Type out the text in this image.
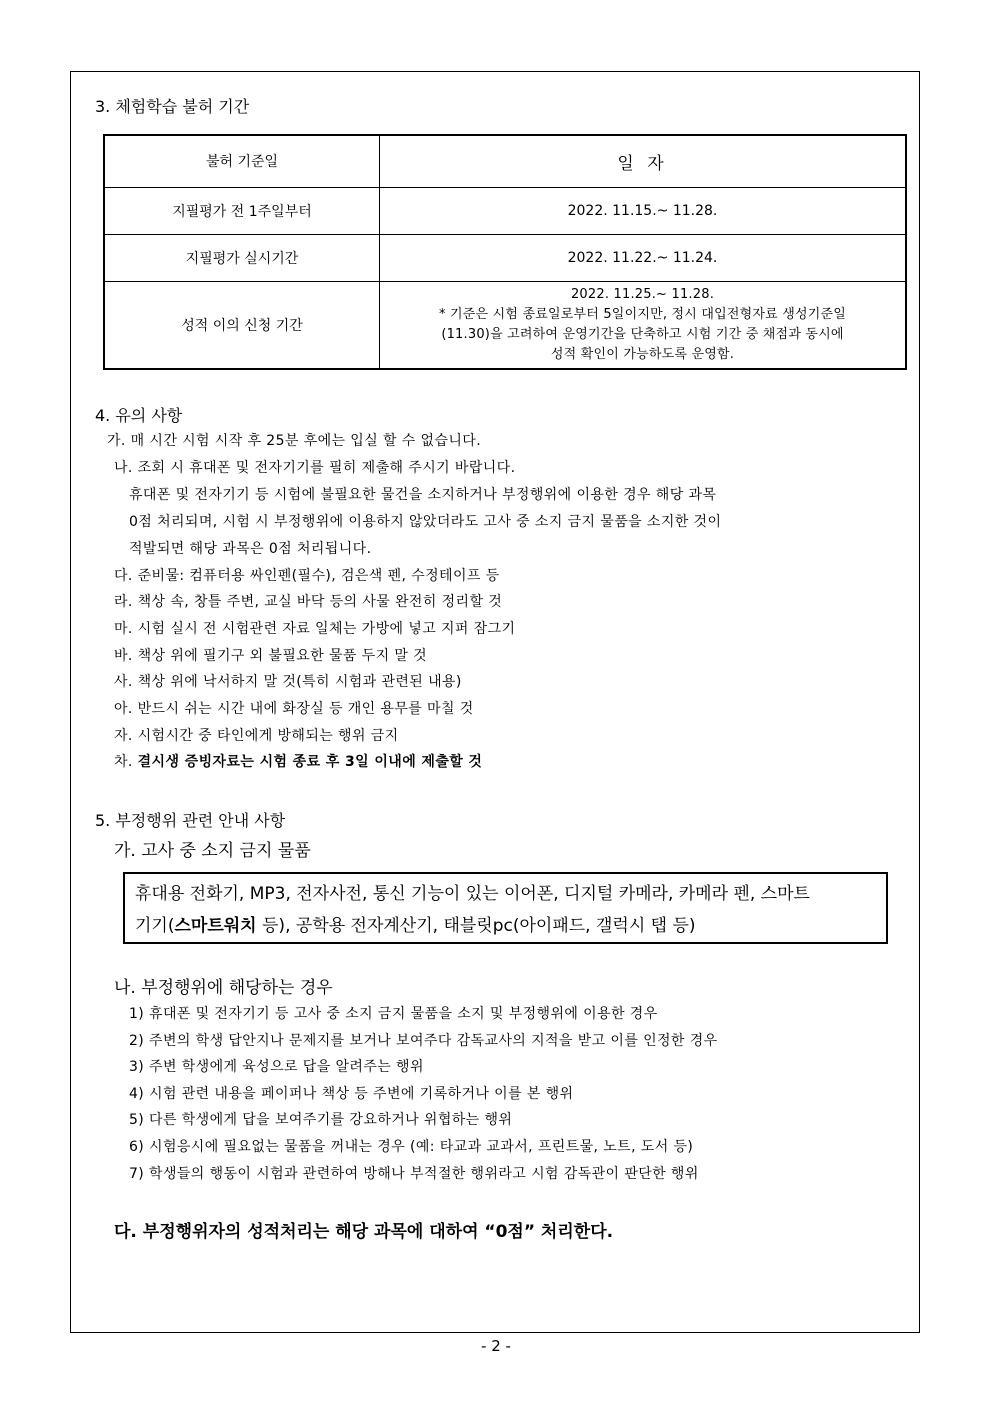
3. 체험학습 불허 기간
불허 기준일	일 자
지필평가 전 1주일부터	2022. 11.15.~ 11.28.
지필평가 실시기간	2022. 11.22.~ 11.24.
성적 이의 신청 기간	2022. 11.25.~ 11.28.
* 기준은 시험 종료일로부터 5일이지만, 정시 대입전형자료 생성기준일
(11.30)을 고려하여 운영기간을 단축하고 시험 기간 중 채점과 동시에
성적 확인이 가능하도록 운영함.
4. 유의 사항
가. 매 시간 시험 시작 후 25분 후에는 입실 할 수 없습니다.
나. 조회 시 휴대폰 및 전자기기를 필히 제출해 주시기 바랍니다.
휴대폰 및 전자기기 등 시험에 불필요한 물건을 소지하거나 부정행위에 이용한 경우 해당 과목
0점 처리되며, 시험 시 부정행위에 이용하지 않았더라도 고사 중 소지 금지 물품을 소지한 것이
적발되면 해당 과목은 0점 처리됩니다.
다. 준비물: 컴퓨터용 싸인펜(필수), 검은색 펜, 수정테이프 등
라. 책상 속, 창틀 주변, 교실 바닥 등의 사물 완전히 정리할 것
마. 시험 실시 전 시험관련 자료 일체는 가방에 넣고 지퍼 잠그기
바. 책상 위에 필기구 외 불필요한 물품 두지 말 것
사. 책상 위에 낙서하지 말 것(특히 시험과 관련된 내용)
아. 반드시 쉬는 시간 내에 화장실 등 개인 용무를 마칠 것
자. 시험시간 중 타인에게 방해되는 행위 금지
차. 결시생 증빙자료는 시험 종료 후 3일 이내에 제출할 것
5. 부정행위 관련 안내 사항
가. 고사 중 소지 금지 물품
휴대용 전화기, MP3, 전자사전, 통신 기능이 있는 이어폰, 디지털 카메라, 카메라 펜, 스마트
기기(스마트워치 등), 공학용 전자계산기, 태블릿pc(아이패드, 갤럭시 탭 등)
나. 부정행위에 해당하는 경우
1) 휴대폰 및 전자기기 등 고사 중 소지 금지 물품을 소지 및 부정행위에 이용한 경우
2) 주변의 학생 답안지나 문제지를 보거나 보여주다 감독교사의 지적을 받고 이를 인정한 경우
3) 주변 학생에게 육성으로 답을 알려주는 행위
4) 시험 관련 내용을 페이퍼나 책상 등 주변에 기록하거나 이를 본 행위
5) 다른 학생에게 답을 보여주기를 강요하거나 위협하는 행위
6) 시험응시에 필요없는 물품을 꺼내는 경우 (예: 타교과 교과서, 프린트물, 노트, 도서 등)
7) 학생들의 행동이 시험과 관련하여 방해나 부적절한 행위라고 시험 감독관이 판단한 행위
다. 부정행위자의 성적처리는 해당 과목에 대하여 “0점” 처리한다.
- 2 -
